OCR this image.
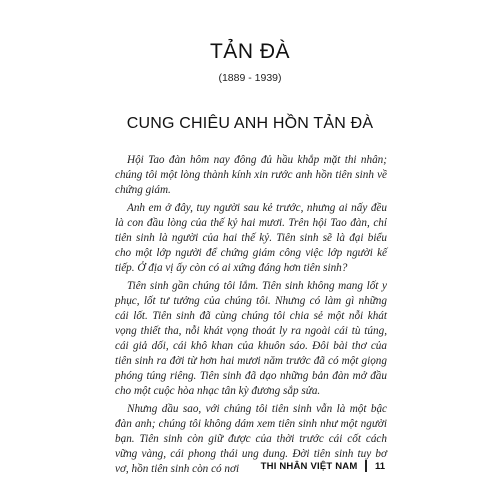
TẢN ĐÀ
(1889 - 1939)
CUNG CHIÊU ANH HỒN TẢN ĐÀ

Hội Tao đàn hôm nay đông đủ hầu khắp mặt thi nhân; chúng tôi một lòng thành kính xin rước anh hồn tiên sinh về chứng giám.

Anh em ở đây, tuy người sau kẻ trước, nhưng ai nấy đều là con đầu lòng của thế kỷ hai mươi. Trên hội Tao đàn, chỉ tiên sinh là người của hai thế kỷ. Tiên sinh sẽ là đại biểu cho một lớp người để chứng giám công việc lớp người kế tiếp. Ở địa vị ấy còn có ai xứng đáng hơn tiên sinh?

Tiên sinh gần chúng tôi lắm. Tiên sinh không mang lốt y phục, lốt tư tưởng của chúng tôi. Nhưng có làm gì những cái lốt. Tiên sinh đã cùng chúng tôi chia sẻ một nỗi khát vọng thiết tha, nỗi khát vọng thoát ly ra ngoài cái tù túng, cái giả dối, cái khô khan của khuôn sáo. Đôi bài thơ của tiên sinh ra đời từ hơn hai mươi năm trước đã có một giọng phóng túng riêng. Tiên sinh đã dạo những bản đàn mở đầu cho một cuộc hòa nhạc tân kỳ đương sắp sửa.

Nhưng dầu sao, với chúng tôi tiên sinh vẫn là một bậc đàn anh; chúng tôi không dám xem tiên sinh như một người bạn. Tiên sinh còn giữ được của thời trước cái cốt cách vững vàng, cái phong thái ung dung. Đời tiên sinh tuy bơ vơ, hồn tiên sinh còn có nơi	THI NHÂN VIỆT NAM 11
